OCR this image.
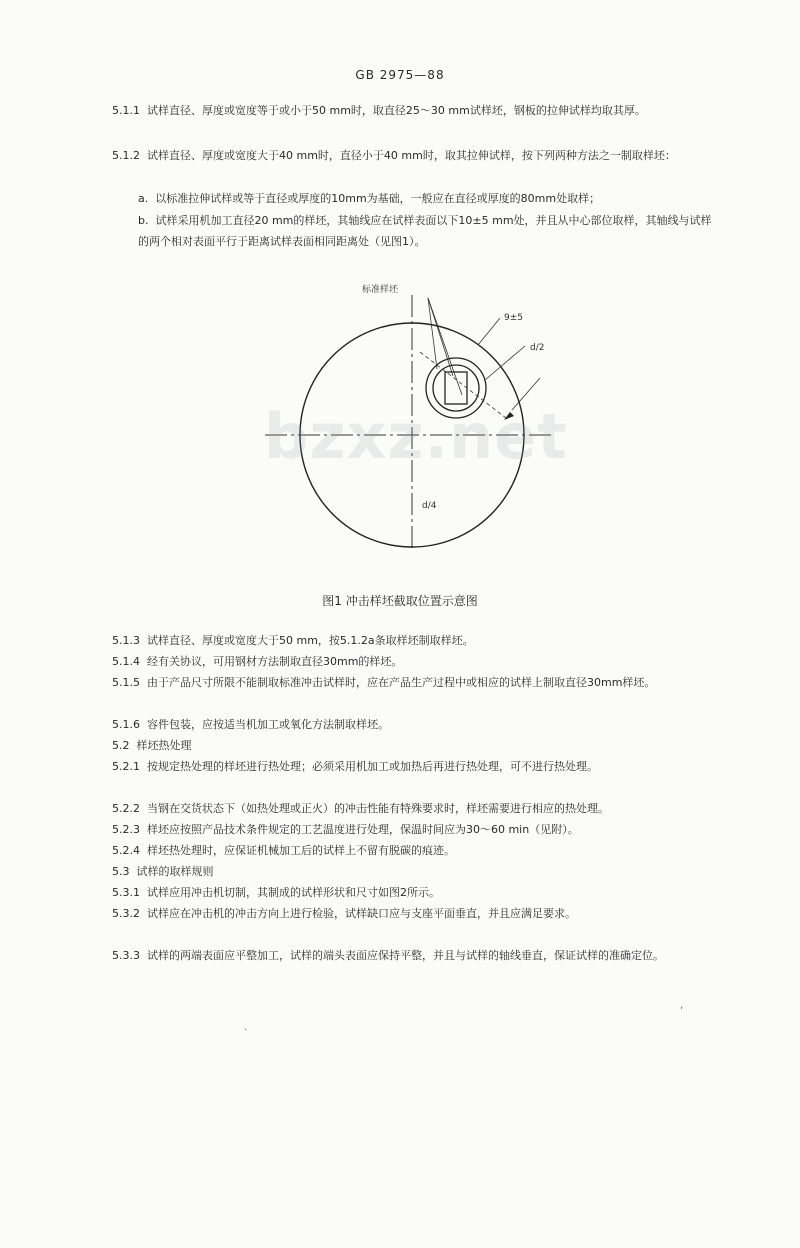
GB 2975—88
5.1.1  试样直径、厚度或宽度等于或小于50 mm时，取直径25～30 mm试样坯，钢板的拉伸试样均取其厚。
5.1.2  试样直径、厚度或宽度大于40 mm时，直径小于40 mm时，取其拉伸试样，按下列两种方法之一制取样坯：
a.  以标准拉伸试样或等于直径或厚度的10mm为基础，一般应在直径或厚度的80mm处取样；
b.  试样采用机加工直径20 mm的样坯，其轴线应在试样表面以下10±5 mm处，并且从中心部位取样，其轴线与试样的两个相对表面平行于距离试样表面相同距离处（见图1）。
标准样坯
9±5
d/2
d/4
bzxz.net
图1 冲击样坯截取位置示意图
5.1.3  试样直径、厚度或宽度大于50 mm，按5.1.2a条取样坯制取样坯。
5.1.4  经有关协议，可用钢材方法制取直径30mm的样坯。
5.1.5  由于产品尺寸所限不能制取标准冲击试样时，应在产品生产过程中或相应的试样上制取直径30mm样坯。
5.1.6  容件包装，应按适当机加工或氧化方法制取样坯。
5.2  样坯热处理
5.2.1  按规定热处理的样坯进行热处理；必须采用机加工或加热后再进行热处理，可不进行热处理。
5.2.2  当钢在交货状态下（如热处理或正火）的冲击性能有特殊要求时，样坯需要进行相应的热处理。
5.2.3  样坯应按照产品技术条件规定的工艺温度进行处理，保温时间应为30～60 min（见附）。
5.2.4  样坯热处理时，应保证机械加工后的试样上不留有脱碳的痕迹。
5.3  试样的取样规则
5.3.1  试样应用冲击机切制，其制成的试样形状和尺寸如图2所示。
5.3.2  试样应在冲击机的冲击方向上进行检验，试样缺口应与支座平面垂直，并且应满足要求。
5.3.3  试样的两端表面应平整加工，试样的端头表面应保持平整，并且与试样的轴线垂直，保证试样的准确定位。
,
.
